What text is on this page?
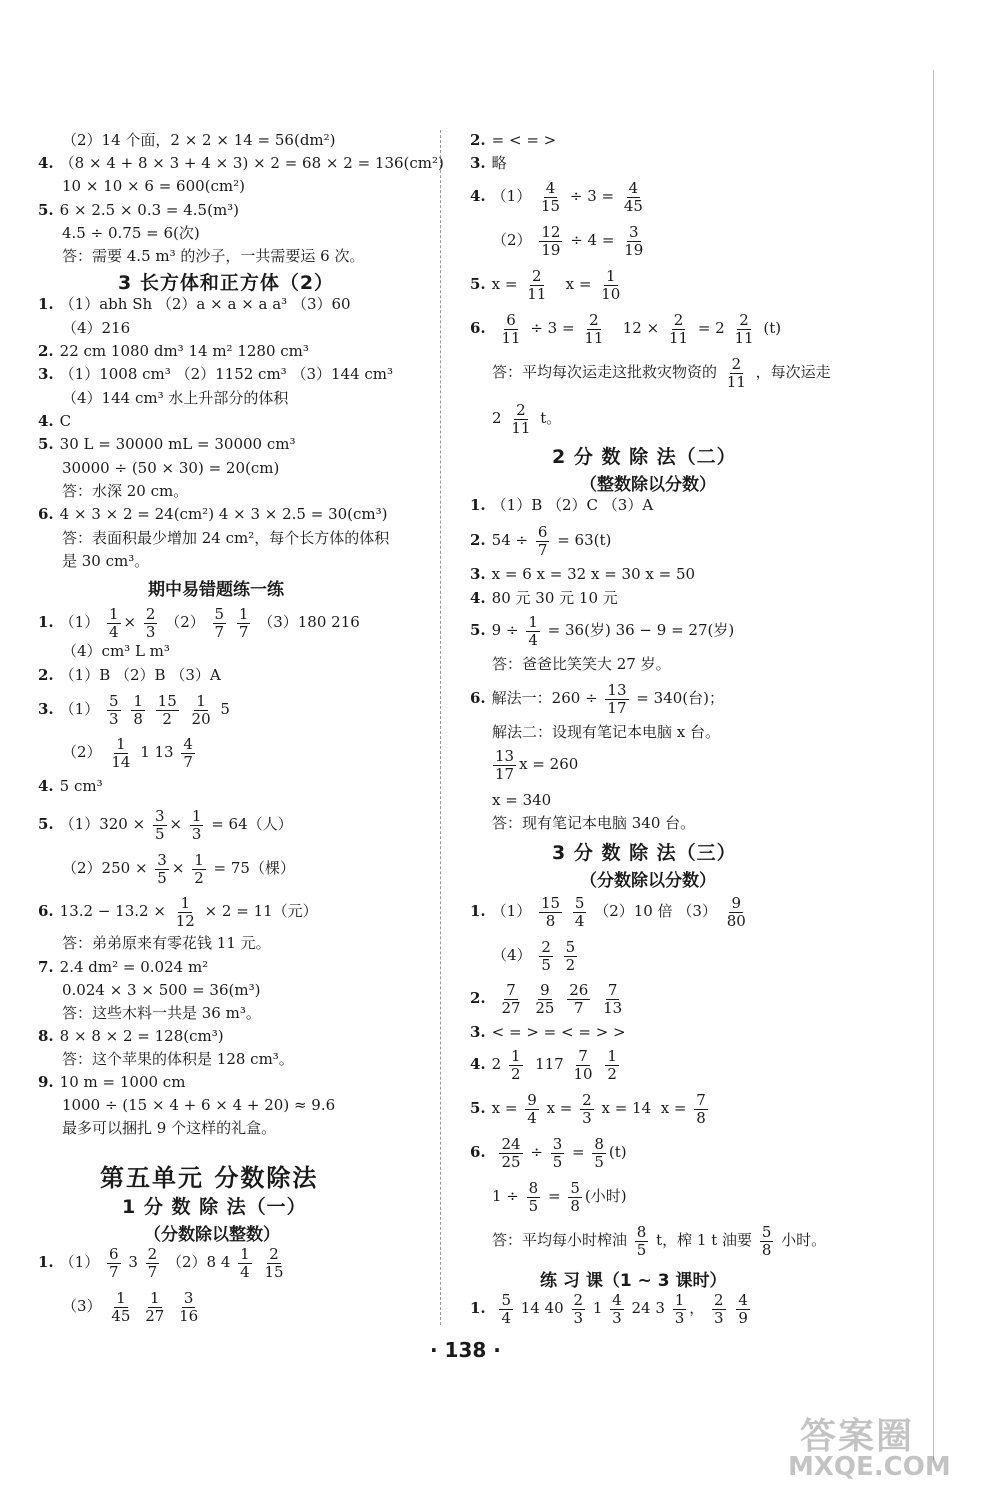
（2）14 个面，2 × 2 × 14 = 56(dm²)
4. （8 × 4 + 8 × 3 + 4 × 3) × 2 = 68 × 2 = 136(cm²)
10 × 10 × 6 = 600(cm²)
5. 6 × 2.5 × 0.3 = 4.5(m³)
4.5 ÷ 0.75 = 6(次)
答：需要 4.5 m³ 的沙子，一共需要运 6 次。
3 长方体和正方体（2）
1. （1）abh Sh （2）a × a × a a³ （3）60
（4）216
2. 22 cm 1080 dm³ 14 m² 1280 cm³
3. （1）1008 cm³ （2）1152 cm³ （3）144 cm³
（4）144 cm³ 水上升部分的体积
4. C
5. 30 L = 30000 mL = 30000 cm³
30000 ÷ (50 × 30) = 20(cm)
答：水深 20 cm。
6. 4 × 3 × 2 = 24(cm²) 4 × 3 × 2.5 = 30(cm³)
答：表面积最少增加 24 cm²，每个长方体的体积
是 30 cm³。
期中易错题练一练
1. $(1) \frac{1}{4} \times \frac{2}{3} (2) \frac{5}{7}$
$\frac{1}{7} (3)180$ 216
（4）cm³ L m³
2. （1）B （2）B （3）A
3. $(1) \frac{5}{3}$
$\frac{1}{8}$
$\frac{15}{2}$
$\frac{1}{20} 5$
$(2) \frac{1}{14} 1$ $13 \frac{4}{7}$
4. 5 cm³
5. $(1)320 \times \frac{3}{5} \times \frac{1}{3} = 64$（人）
$(2)250 \times \frac{3}{5} \times \frac{1}{2} = 75$（棵）
6. $13.2 - 13.2 \times \frac{1}{12} \times 2 = 11$（元）
答：弟弟原来有零花钱 11 元。
7. 2.4 dm² = 0.024 m²
0.024 × 3 × 500 = 36(m³)
答：这些木料一共是 36 m³。
8. 8 × 8 × 2 = 128(cm³)
答：这个苹果的体积是 128 cm³。
9. 10 m = 1000 cm
1000 ÷ (15 × 4 + 6 × 4 + 20) ≈ 9.6
最多可以捆扎 9 个这样的礼盒。
第五单元 分数除法
1 分 数 除 法（一）
（分数除以整数）
1. $(1) \frac{6}{7} 3 \frac{2}{7} (2)8$ $4 \frac{1}{4}$
$\frac{2}{15}$
$(3) \frac{1}{45}$
$\frac{1}{27}$
$\frac{3}{16}$
2. = < = >
3. 略
4. $(1) \frac{4}{15} \div 3 = \frac{4}{45}$
$(2) \frac{12}{19} \div 4 = \frac{3}{19}$
5. $x = \frac{2}{11}$ $x = \frac{1}{10}$
6. $\frac{6}{11} \div 3 = \frac{2}{11} 12 \times \frac{2}{11} = 2 \frac{2}{11} (t)$
答：平均每次运走这批救灾物资的 $\frac{2}{11}$ ，每次运走
$2 \frac{2}{11}$ t。
2 分 数 除 法（二）
（整数除以分数）
1. （1）B （2）C （3）A
2. $54 \div \frac{6}{7} = 63(t)$
3. x = 6 x = 32 x = 30 x = 50
4. 80 元 30 元 10 元
5. $9 \div \frac{1}{4} = 36$(岁) 36 − 9 = 27(岁)
答：爸爸比笑笑大 27 岁。
6. 解法一：$260 \div \frac{13}{17} = 340$(台)；
解法二：设现有笔记本电脑 x 台。
$\frac{13}{17}$ x = 260
x = 340
答：现有笔记本电脑 340 台。
3 分 数 除 法（三）
（分数除以分数）
1. $(1) \frac{15}{8}$
$\frac{5}{4} (2)10$ 倍 $(3) \frac{9}{80}$
$(4) \frac{2}{5}$
$\frac{5}{2}$
2. $\frac{7}{27}$
$\frac{9}{25}$
$\frac{26}{7}$
$\frac{7}{13}$
3. < = > = < = > >
4. $2 \frac{1}{2} 117 \frac{7}{10}$
$\frac{1}{2}$
5. $x = \frac{9}{4}$ $x = \frac{2}{3}$ x = 14 $x = \frac{7}{8}$
6. $\frac{24}{25} \div \frac{3}{5} = \frac{8}{5} (t)$
$1 \div \frac{8}{5} = \frac{5}{8}$ (小时)
答：平均每小时榨油 $\frac{8}{5}$ t，榨 1 t 油要 $\frac{5}{8}$ 小时。
练 习 课（1 ~ 3 课时）
1. $\frac{5}{4} 14$ $40 \frac{2}{3} 1 \frac{4}{3} 24$ $3 \frac{1}{3}$ ， $\frac{2}{3}$
$\frac{4}{9}$
· 138 ·
答案圈
MXQE.COM
